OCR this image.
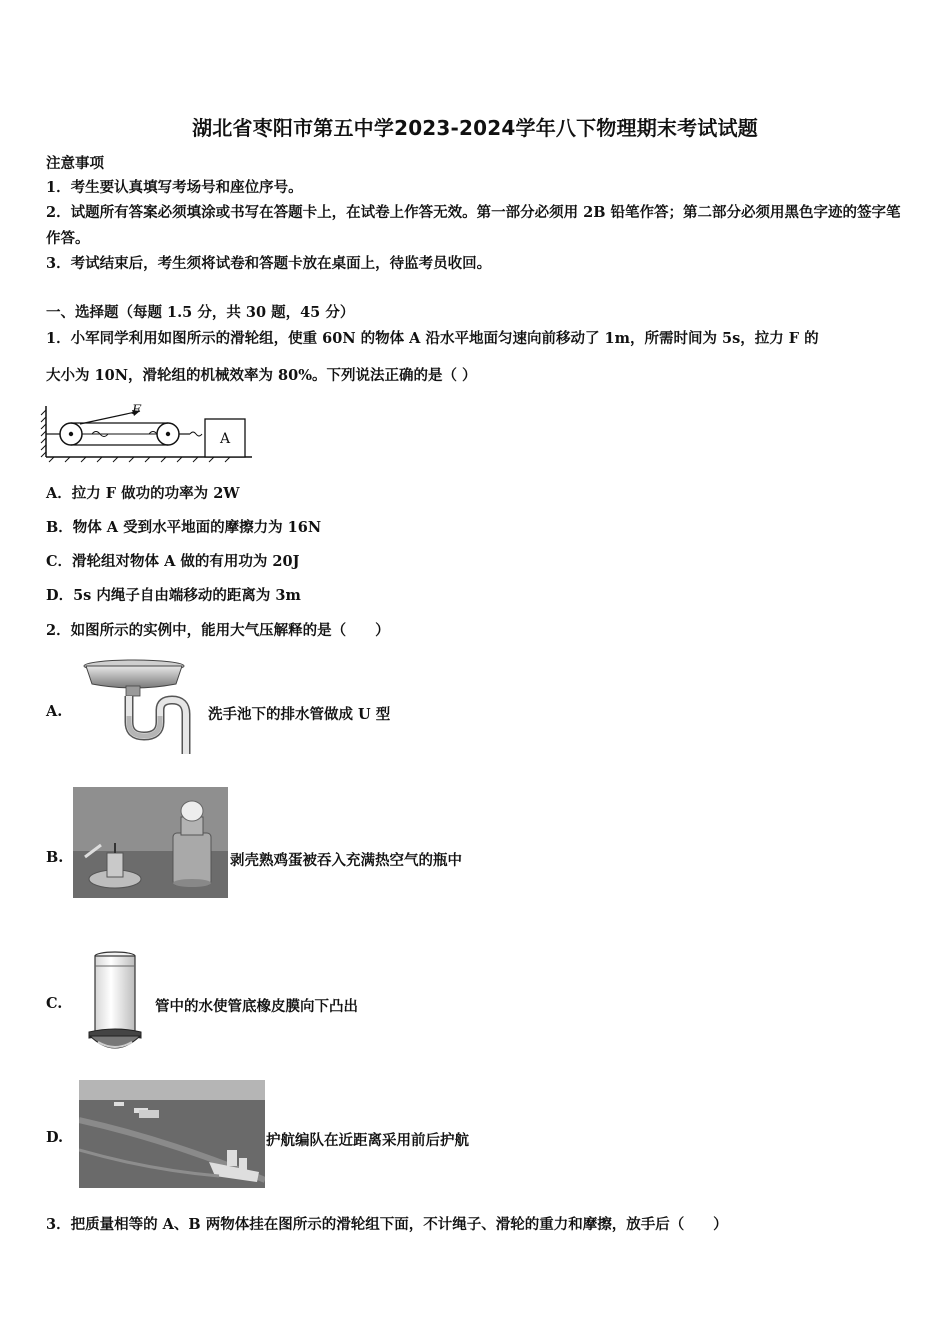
湖北省枣阳市第五中学2023-2024学年八下物理期末考试试题
注意事项
1．考生要认真填写考场号和座位序号。
2．试题所有答案必须填涂或书写在答题卡上，在试卷上作答无效。第一部分必须用 2B 铅笔作答；第二部分必须用黑色字迹的签字笔作答。
3．考试结束后，考生须将试卷和答题卡放在桌面上，待监考员收回。
一、选择题（每题 1.5 分，共 30 题，45 分）
1．小军同学利用如图所示的滑轮组，使重 60N 的物体 A 沿水平地面匀速向前移动了 1m，所需时间为 5s，拉力 F 的
大小为 10N，滑轮组的机械效率为 80%。下列说法正确的是（ ）
F
A
A．拉力 F 做功的功率为 2W
B．物体 A 受到水平地面的摩擦力为 16N
C．滑轮组对物体 A 做的有用功为 20J
D．5s 内绳子自由端移动的距离为 3m
2．如图所示的实例中，能用大气压解释的是（　　）
A.	洗手池下的排水管做成 U 型
B.	剥壳熟鸡蛋被吞入充满热空气的瓶中
C.	管中的水使管底橡皮膜向下凸出
D.	护航编队在近距离采用前后护航
3．把质量相等的 A、B 两物体挂在图所示的滑轮组下面，不计绳子、滑轮的重力和摩擦，放手后（　　）
